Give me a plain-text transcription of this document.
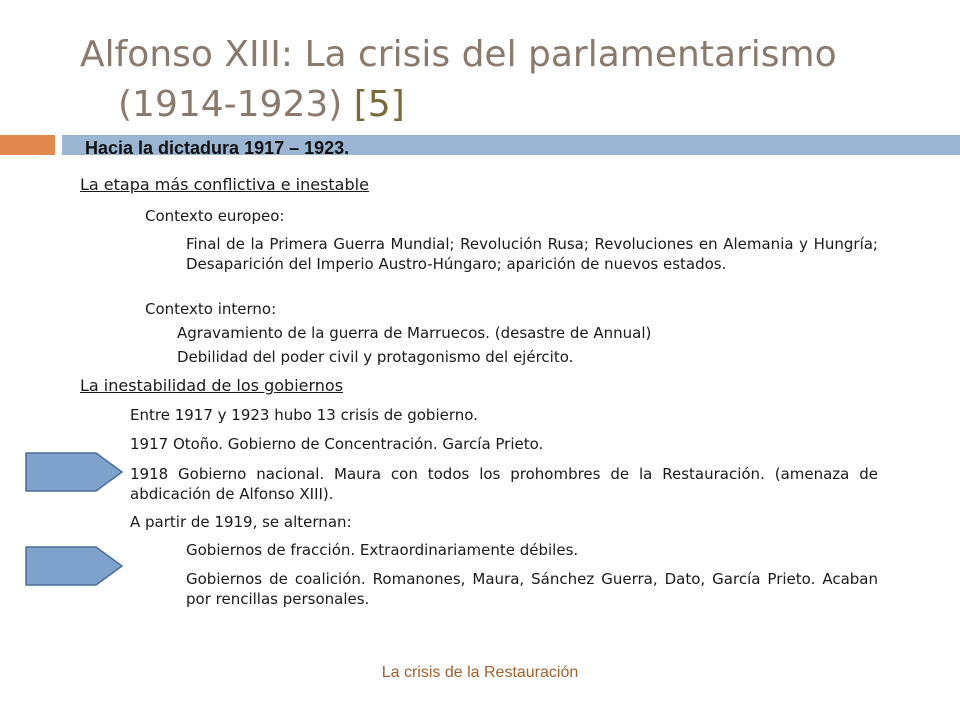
Alfonso XIII: La crisis del parlamentarismo
(1914-1923) [5]
Hacia la dictadura 1917 – 1923.
La etapa más conflictiva e inestable
Contexto europeo:
Final de la Primera Guerra Mundial; Revolución Rusa; Revoluciones en Alemania y Hungría; Desaparición del Imperio Austro-Húngaro; aparición de nuevos estados.
Contexto interno:
Agravamiento de la guerra de Marruecos. (desastre de Annual)
Debilidad del poder civil y protagonismo del ejército.
La inestabilidad de los gobiernos
Entre 1917 y 1923 hubo 13 crisis de gobierno.
1917 Otoño. Gobierno de Concentración. García Prieto.
1918 Gobierno nacional. Maura con todos los prohombres de la Restauración. (amenaza de abdicación de Alfonso XIII).
A partir de 1919, se alternan:
Gobiernos de fracción. Extraordinariamente débiles.
Gobiernos de coalición. Romanones, Maura, Sánchez Guerra, Dato, García Prieto. Acaban por rencillas personales.
La crisis de la Restauración
